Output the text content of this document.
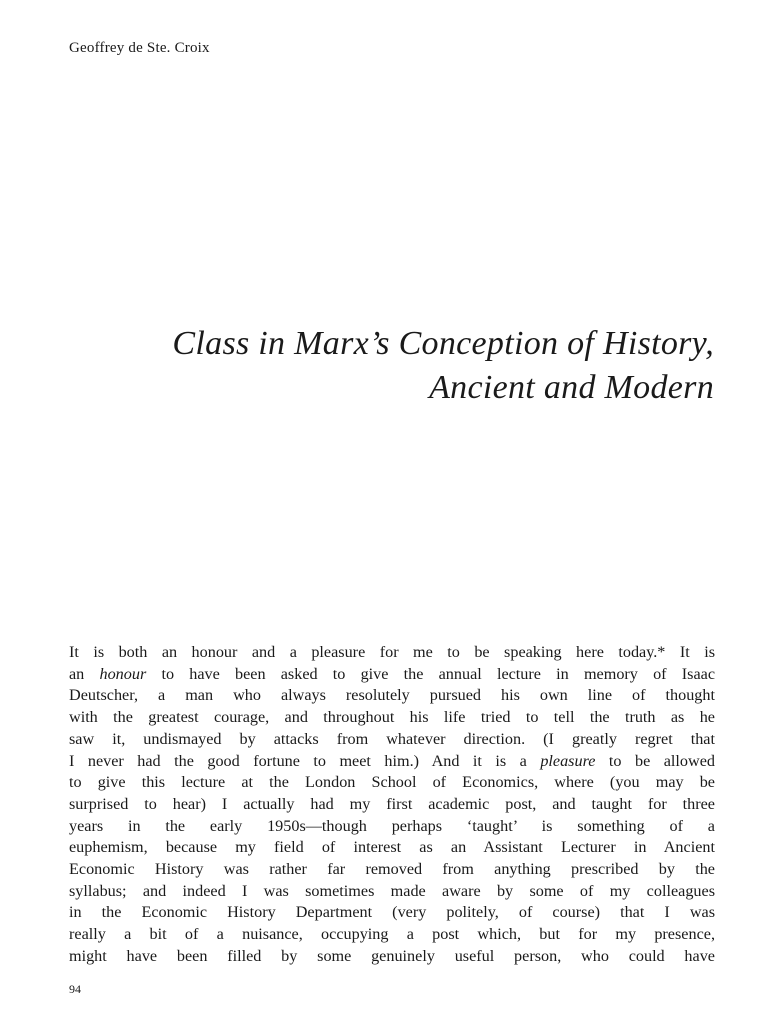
Geoffrey de Ste. Croix
Class in Marx’s Conception of History,
Ancient and Modern
It is both an honour and a pleasure for me to be speaking here today.* It is
an honour to have been asked to give the annual lecture in memory of Isaac
Deutscher, a man who always resolutely pursued his own line of thought
with the greatest courage, and throughout his life tried to tell the truth as he
saw it, undismayed by attacks from whatever direction. (I greatly regret that
I never had the good fortune to meet him.) And it is a pleasure to be allowed
to give this lecture at the London School of Economics, where (you may be
surprised to hear) I actually had my first academic post, and taught for three
years in the early 1950s—though perhaps ‘taught’ is something of a
euphemism, because my field of interest as an Assistant Lecturer in Ancient
Economic History was rather far removed from anything prescribed by the
syllabus; and indeed I was sometimes made aware by some of my colleagues
in the Economic History Department (very politely, of course) that I was
really a bit of a nuisance, occupying a post which, but for my presence,
might have been filled by some genuinely useful person, who could have
94
